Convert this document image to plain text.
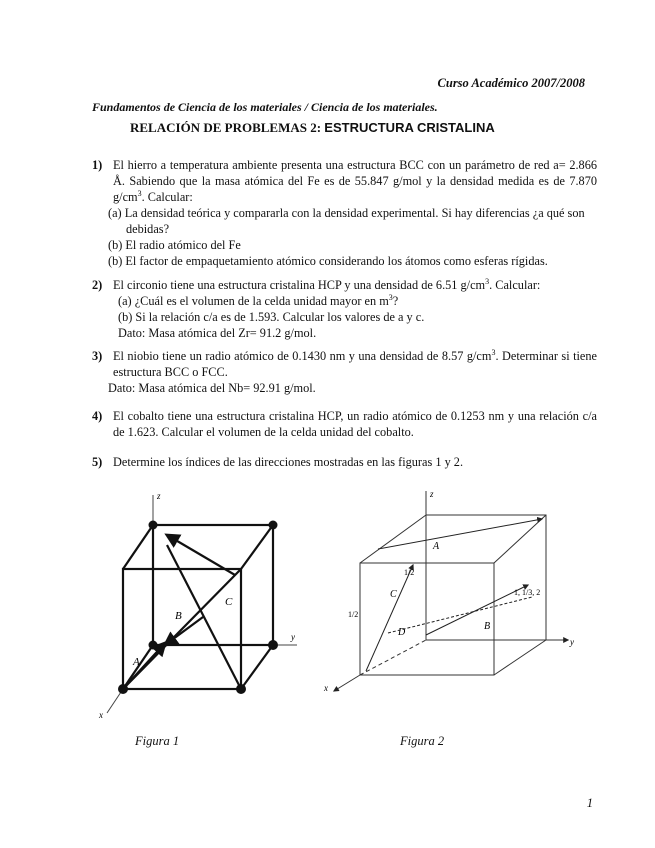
Curso Académico 2007/2008
Fundamentos de Ciencia de los materiales / Ciencia de los materiales.
RELACIÓN DE PROBLEMAS 2: ESTRUCTURA CRISTALINA
1) El hierro a temperatura ambiente presenta una estructura BCC con un parámetro de red a= 2.866 Å. Sabiendo que la masa atómica del Fe es de 55.847 g/mol y la densidad medida es de 7.870 $g/cm^3$. Calcular:
(a) La densidad teórica y compararla con la densidad experimental. Si hay diferencias ¿a qué son debidas?
(b) El radio atómico del Fe
(b) El factor de empaquetamiento atómico considerando los átomos como esferas rígidas.
2) El circonio tiene una estructura cristalina HCP y una densidad de 6.51 $g/cm^3$. Calcular:
(a) ¿Cuál es el volumen de la celda unidad mayor en $m^3$?
(b) Si la relación c/a es de 1.593. Calcular los valores de a y c.
Dato: Masa atómica del Zr= 91.2 g/mol.
3) El niobio tiene un radio atómico de 0.1430 nm y una densidad de 8.57 $g/cm^3$. Determinar si tiene estructura BCC o FCC.
Dato: Masa atómica del Nb= 92.91 g/mol.
4) El cobalto tiene una estructura cristalina HCP, un radio atómico de 0.1253 nm y una relación c/a de 1.623. Calcular el volumen de la celda unidad del cobalto.
5) Determine los índices de las direcciones mostradas en las figuras 1 y 2.
z
x
y
A
B
C
z
x
y
A
C
D
B
1/2
1/2
1, 1/3, 2
Figura 1	Figura 2
1
